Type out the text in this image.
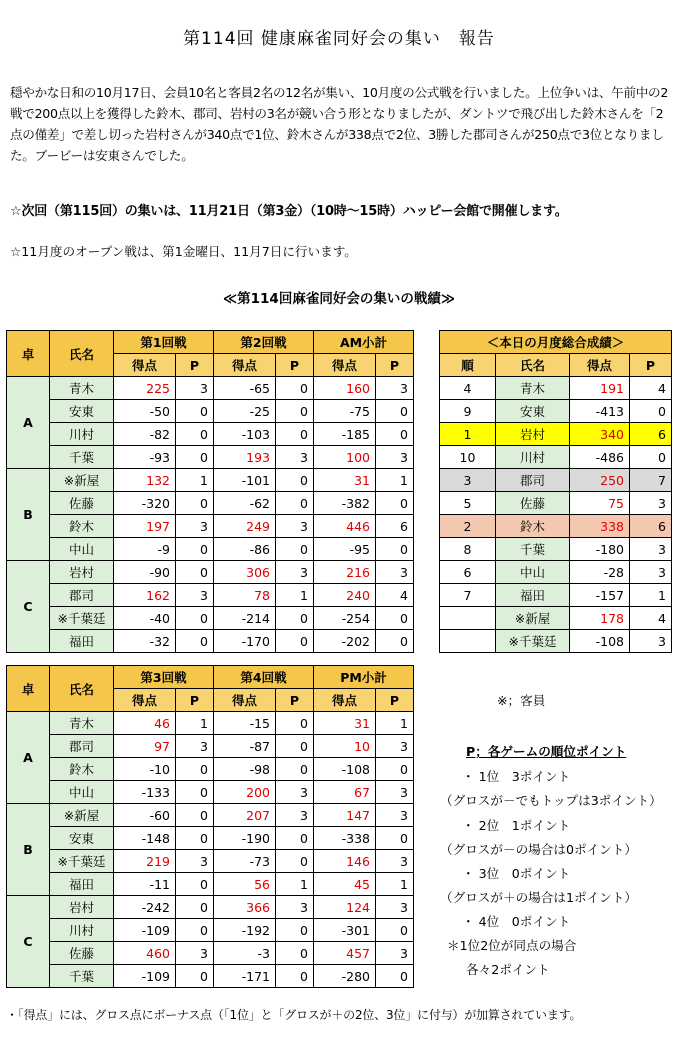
第114回 健康麻雀同好会の集い　報告
穏やかな日和の10月17日、会員10名と客員2名の12名が集い、10月度の公式戦を行いました。上位争いは、午前中の2戦で200点以上を獲得した鈴木、郡司、岩村の3名が競い合う形となりましたが、ダントツで飛び出した鈴木さんを「2点の僅差」で差し切った岩村さんが340点で1位、鈴木さんが338点で2位、3勝した郡司さんが250点で3位となりました。ブービーは安東さんでした。
☆次回（第115回）の集いは、11月21日（第3金）（10時～15時）ハッピー会館で開催します。
☆11月度のオープン戦は、第1金曜日、11月7日に行います。
≪第114回麻雀同好会の集いの戦績≫
卓	氏名	第1回戦		第2回戦		AM小計	
		得点	P	得点	P	得点	P
A	青木	225	3	-65	0	160	3
	安東	-50	0	-25	0	-75	0
	川村	-82	0	-103	0	-185	0
	千葉	-93	0	193	3	100	3
B	※新屋	132	1	-101	0	31	1
	佐藤	-320	0	-62	0	-382	0
	鈴木	197	3	249	3	446	6
	中山	-9	0	-86	0	-95	0
C	岩村	-90	0	306	3	216	3
	郡司	162	3	78	1	240	4
	※千葉廷	-40	0	-214	0	-254	0
	福田	-32	0	-170	0	-202	0
卓	氏名	第3回戦		第4回戦		PM小計	
		得点	P	得点	P	得点	P
A	青木	46	1	-15	0	31	1
	郡司	97	3	-87	0	10	3
	鈴木	-10	0	-98	0	-108	0
	中山	-133	0	200	3	67	3
B	※新屋	-60	0	207	3	147	3
	安東	-148	0	-190	0	-338	0
	※千葉廷	219	3	-73	0	146	3
	福田	-11	0	56	1	45	1
C	岩村	-242	0	366	3	124	3
	川村	-109	0	-192	0	-301	0
	佐藤	460	3	-3	0	457	3
	千葉	-109	0	-171	0	-280	0
＜本日の月度総合成績＞			
順	氏名	得点	P
4	青木	191	4
9	安東	-413	0
1	岩村	340	6
10	川村	-486	0
3	郡司	250	7
5	佐藤	75	3
2	鈴木	338	6
8	千葉	-180	3
6	中山	-28	3
7	福田	-157	1
	※新屋	178	4
	※千葉廷	-108	3
※；客員
P；各ゲームの順位ポイント
・ 1位　3ポイント
（グロスが－でもトップは3ポイント）
・ 2位　1ポイント
（グロスが－の場合は0ポイント）
・ 3位　0ポイント
（グロスが＋の場合は1ポイント）
・ 4位　0ポイント
＊1位2位が同点の場合
各々2ポイント
・「得点」には、グロス点にボーナス点（「1位」と「グロスが＋の2位、3位」に付与）が加算されています。
